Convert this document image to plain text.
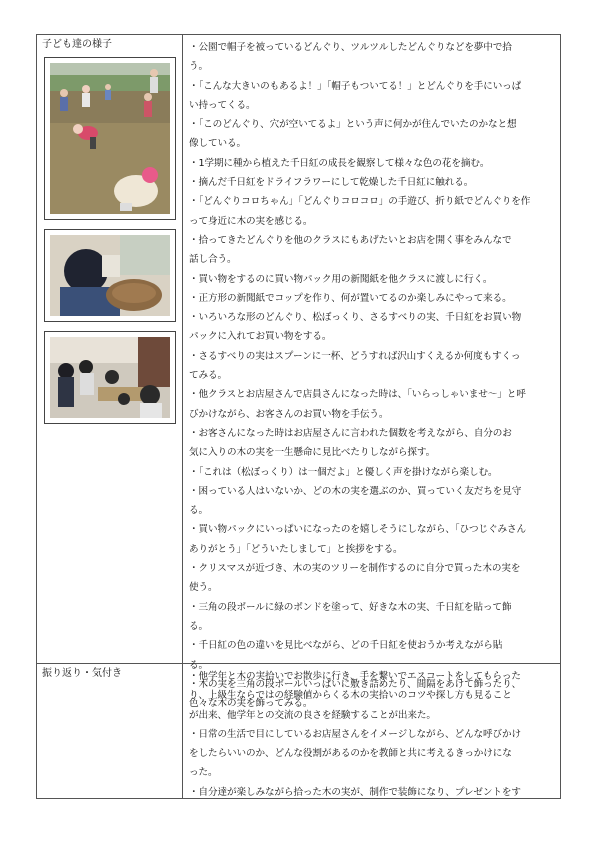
子ども達の様子	・公園で帽子を被っているどんぐり、ツルツルしたどんぐりなどを夢中で拾
う。
・「こんな大きいのもあるよ！」「帽子もついてる！」とどんぐりを手にいっぱ
い持ってくる。
・「このどんぐり、穴が空いてるよ」という声に何かが住んでいたのかなと想
像している。
・1学期に種から植えた千日紅の成長を観察して様々な色の花を摘む。
・摘んだ千日紅をドライフラワーにして乾燥した千日紅に触れる。
・「どんぐりコロちゃん」「どんぐりコロコロ」の手遊び、折り紙でどんぐりを作
って身近に木の実を感じる。
・拾ってきたどんぐりを他のクラスにもあげたいとお店を開く事をみんなで
話し合う。
・買い物をするのに買い物パック用の新聞紙を他クラスに渡しに行く。
・正方形の新聞紙でコップを作り、何が置いてるのか楽しみにやって来る。
・いろいろな形のどんぐり、松ぼっくり、さるすべりの実、千日紅をお買い物
パックに入れてお買い物をする。
・さるすべりの実はスプーンに一杯、どうすれば沢山すくえるか何度もすくっ
てみる。
・他クラスとお店屋さんで店員さんになった時は、「いらっしゃいませ～」と呼
びかけながら、お客さんのお買い物を手伝う。
・お客さんになった時はお店屋さんに言われた個数を考えながら、自分のお
気に入りの木の実を一生懸命に見比べたりしながら探す。
・「これは（松ぼっくり）は一個だよ」と優しく声を掛けながら楽しむ。
・困っている人はいないか、どの木の実を選ぶのか、買っていく友だちを見守
る。
・買い物パックにいっぱいになったのを嬉しそうにしながら、「ひつじぐみさん
ありがとう」「どういたしまして」と挨拶をする。
・クリスマスが近づき、木の実のツリーを制作するのに自分で買った木の実を
使う。
・三角の段ボールに緑のボンドを塗って、好きな木の実、千日紅を貼って飾
る。
・千日紅の色の違いを見比べながら、どの千日紅を使おうか考えながら貼
る。
・木の実を三角の段ボールいっぱいに敷き詰めたり、間隔をあけて飾ったり、
色々な木の実を飾ってみる。
振り返り・気付き	・他学年と木の実拾いでお散歩に行き、手を繋いでエスコートをしてもらった
り、上級生ならではの経験値からくる木の実拾いのコツや探し方も見ること
が出来、他学年との交流の良さを経験することが出来た。
・日常の生活で目にしているお店屋さんをイメージしながら、どんな呼びかけ
をしたらいいのか、どんな役割があるのかを教師と共に考えるきっかけにな
った。
・自分達が楽しみながら拾った木の実が、制作で装飾になり、プレゼントをす
